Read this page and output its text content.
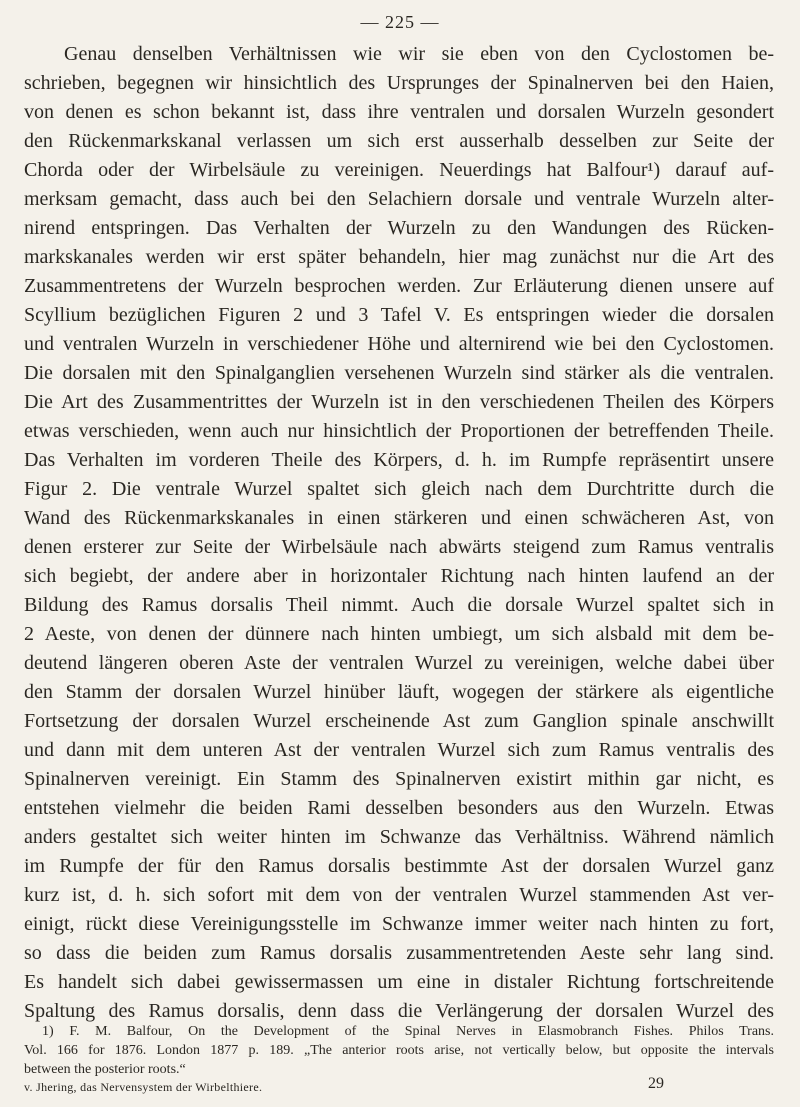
— 225 —
Genau denselben Verhältnissen wie wir sie eben von den Cyclostomen be-
schrieben, begegnen wir hinsichtlich des Ursprunges der Spinalnerven bei den Haien,
von denen es schon bekannt ist, dass ihre ventralen und dorsalen Wurzeln gesondert
den Rückenmarkskanal verlassen um sich erst ausserhalb desselben zur Seite der
Chorda oder der Wirbelsäule zu vereinigen. Neuerdings hat Balfour¹) darauf auf-
merksam gemacht, dass auch bei den Selachiern dorsale und ventrale Wurzeln alter-
nirend entspringen. Das Verhalten der Wurzeln zu den Wandungen des Rücken-
markskanales werden wir erst später behandeln, hier mag zunächst nur die Art des
Zusammentretens der Wurzeln besprochen werden. Zur Erläuterung dienen unsere auf
Scyllium bezüglichen Figuren 2 und 3 Tafel V. Es entspringen wieder die dorsalen
und ventralen Wurzeln in verschiedener Höhe und alternirend wie bei den Cyclostomen.
Die dorsalen mit den Spinalganglien versehenen Wurzeln sind stärker als die ventralen.
Die Art des Zusammentrittes der Wurzeln ist in den verschiedenen Theilen des Körpers
etwas verschieden, wenn auch nur hinsichtlich der Proportionen der betreffenden Theile.
Das Verhalten im vorderen Theile des Körpers, d. h. im Rumpfe repräsentirt unsere
Figur 2. Die ventrale Wurzel spaltet sich gleich nach dem Durchtritte durch die
Wand des Rückenmarkskanales in einen stärkeren und einen schwächeren Ast, von
denen ersterer zur Seite der Wirbelsäule nach abwärts steigend zum Ramus ventralis
sich begiebt, der andere aber in horizontaler Richtung nach hinten laufend an der
Bildung des Ramus dorsalis Theil nimmt. Auch die dorsale Wurzel spaltet sich in
2 Aeste, von denen der dünnere nach hinten umbiegt, um sich alsbald mit dem be-
deutend längeren oberen Aste der ventralen Wurzel zu vereinigen, welche dabei über
den Stamm der dorsalen Wurzel hinüber läuft, wogegen der stärkere als eigentliche
Fortsetzung der dorsalen Wurzel erscheinende Ast zum Ganglion spinale anschwillt
und dann mit dem unteren Ast der ventralen Wurzel sich zum Ramus ventralis des
Spinalnerven vereinigt. Ein Stamm des Spinalnerven existirt mithin gar nicht, es
entstehen vielmehr die beiden Rami desselben besonders aus den Wurzeln. Etwas
anders gestaltet sich weiter hinten im Schwanze das Verhältniss. Während nämlich
im Rumpfe der für den Ramus dorsalis bestimmte Ast der dorsalen Wurzel ganz
kurz ist, d. h. sich sofort mit dem von der ventralen Wurzel stammenden Ast ver-
einigt, rückt diese Vereinigungsstelle im Schwanze immer weiter nach hinten zu fort,
so dass die beiden zum Ramus dorsalis zusammentretenden Aeste sehr lang sind.
Es handelt sich dabei gewissermassen um eine in distaler Richtung fortschreitende
Spaltung des Ramus dorsalis, denn dass die Verlängerung der dorsalen Wurzel des
1) F. M. Balfour, On the Development of the Spinal Nerves in Elasmobranch Fishes. Philos Trans.
Vol. 166 for 1876. London 1877 p. 189. „The anterior roots arise, not vertically below, but opposite the intervals
between the posterior roots.“
v. Jhering, das Nervensystem der Wirbelthiere.	29
